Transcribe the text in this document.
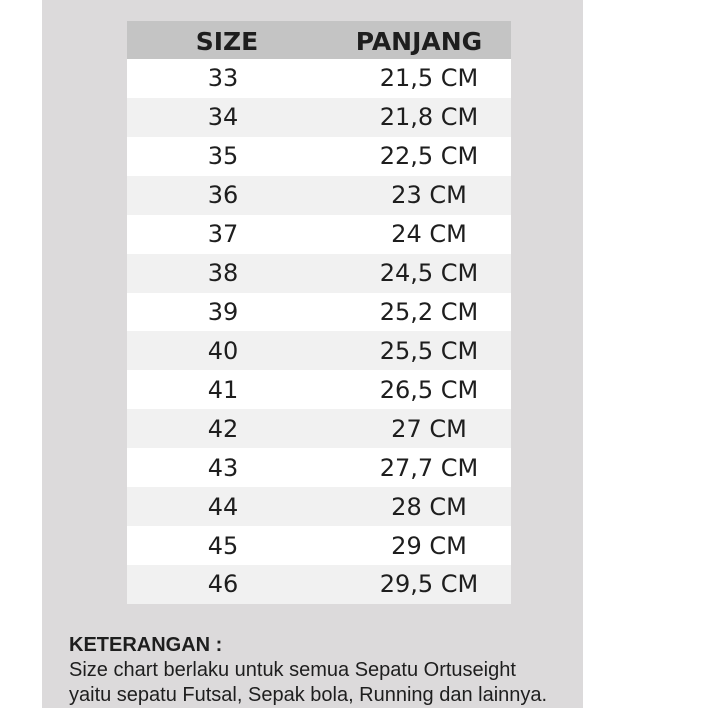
SIZE	PANJANG
33	21,5 CM
34	21,8 CM
35	22,5 CM
36	23 CM
37	24 CM
38	24,5 CM
39	25,2 CM
40	25,5 CM
41	26,5 CM
42	27 CM
43	27,7 CM
44	28 CM
45	29 CM
46	29,5 CM
KETERANGAN :
Size chart berlaku untuk semua Sepatu Ortuseight
yaitu sepatu Futsal, Sepak bola, Running dan lainnya.
